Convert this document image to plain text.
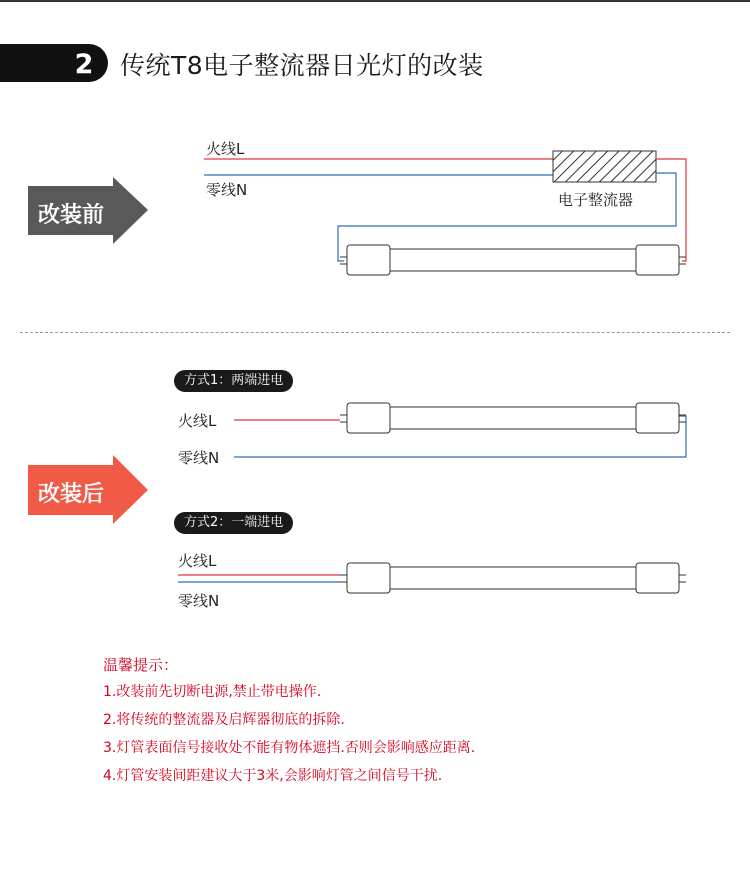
2 传统T8电子整流器日光灯的改装
改装前
火线L
零线N
电子整流器
改装后
方式1：两端进电
火线L
零线N
方式2：一端进电
火线L
零线N
温馨提示：
1.改装前先切断电源,禁止带电操作.
2.将传统的整流器及启辉器彻底的拆除.
3.灯管表面信号接收处不能有物体遮挡.否则会影响感应距离.
4.灯管安装间距建议大于3米,会影响灯管之间信号干扰.
